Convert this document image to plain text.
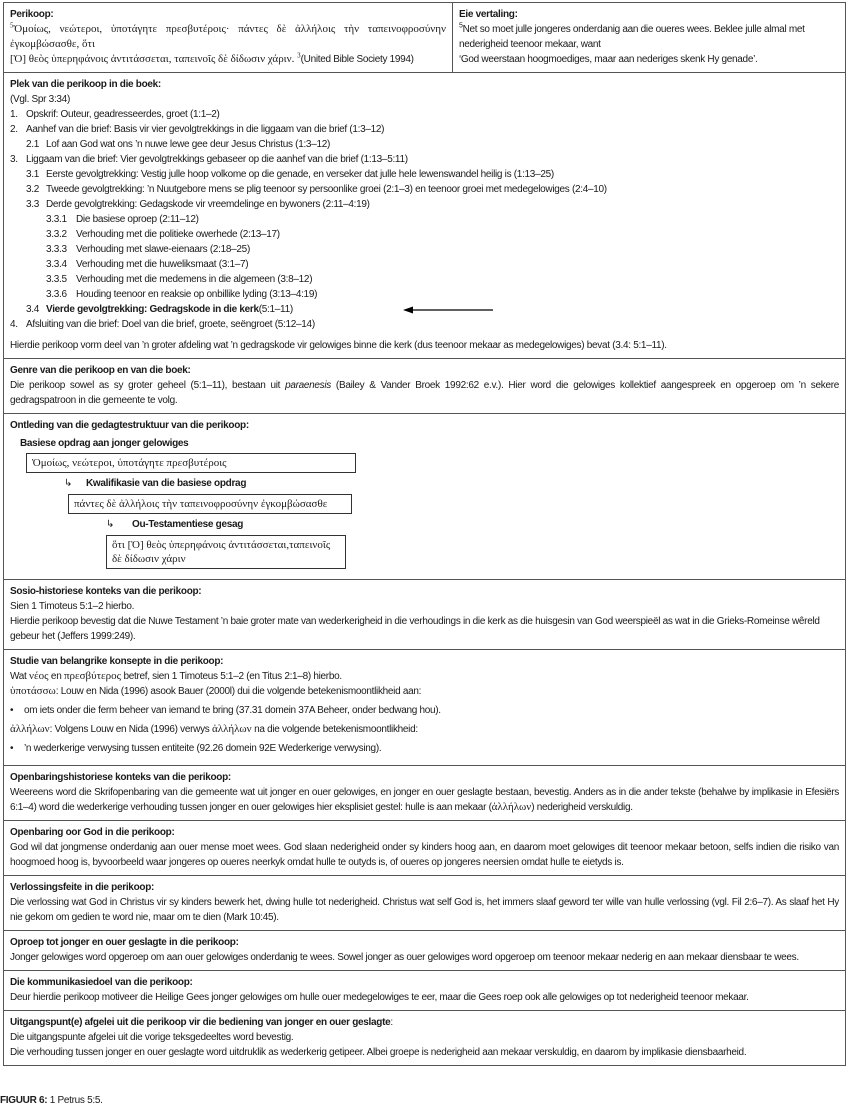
Perikoop:
$^5$Ὁμοίως, νεώτεροι, ὑποτάγητε πρεσβυτέροις· πάντες δὲ ἀλλήλοις τὴν ταπεινοφροσύνην ἐγκομβώσασθε, ὅτι
[Ὁ] θεὸς ὑπερηφάνοις ἀντιτάσσεται, ταπεινοῖς δὲ δίδωσιν χάριν. $^3$(United Bible Society 1994)
Eie vertaling:
$^5$Net so moet julle jongeres onderdanig aan die oueres wees. Beklee julle almal met nederigheid teenoor mekaar, want
‘God weerstaan hoogmoediges, maar aan nederiges skenk Hy genade’.
Plek van die perikoop in die boek:
(Vgl. Spr 3:34)
1. Opskrif: Outeur, geadresseerdes, groet (1:1–2)
2. Aanhef van die brief: Basis vir vier gevolgtrekkings in die liggaam van die brief (1:3–12)
2.1 Lof aan God wat ons ’n nuwe lewe gee deur Jesus Christus (1:3–12)
3. Liggaam van die brief: Vier gevolgtrekkings gebaseer op die aanhef van die brief (1:13–5:11)
3.1 Eerste gevolgtrekking: Vestig julle hoop volkome op die genade, en verseker dat julle hele lewenswandel heilig is (1:13–25)
3.2 Tweede gevolgtrekking: ’n Nuutgebore mens se plig teenoor sy persoonlike groei (2:1–3) en teenoor groei met medegelowiges (2:4–10)
3.3 Derde gevolgtrekking: Gedagskode vir vreemdelinge en bywoners (2:11–4:19)
3.3.1 Die basiese oproep (2:11–12)
3.3.2 Verhouding met die politieke owerhede (2:13–17)
3.3.3 Verhouding met slawe-eienaars (2:18–25)
3.3.4 Verhouding met die huweliksmaat (3:1–7)
3.3.5 Verhouding met die medemens in die algemeen (3:8–12)
3.3.6 Houding teenoor en reaksie op onbillike lyding (3:13–4:19)
3.4 Vierde gevolgtrekking: Gedragskode in die kerk (5:1–11)
4. Afsluiting van die brief: Doel van die brief, groete, seëngroet (5:12–14)
Hierdie perikoop vorm deel van ’n groter afdeling wat ’n gedragskode vir gelowiges binne die kerk (dus teenoor mekaar as medegelowiges) bevat (3.4: 5:1–11).
Genre van die perikoop en van die boek:
Die perikoop sowel as sy groter geheel (5:1–11), bestaan uit paraenesis (Bailey & Vander Broek 1992:62 e.v.). Hier word die gelowiges kollektief aangespreek en opgeroep om ’n sekere gedragspatroon in die gemeente te volg.
Ontleding van die gedagtestruktuur van die perikoop:
Basiese opdrag aan jonger gelowiges
Ὁμοίως, νεώτεροι, ὑποτάγητε πρεσβυτέροις
↳	Kwalifikasie van die basiese opdrag
πάντες δὲ ἀλλήλοις τὴν ταπεινοφροσύνην ἐγκομβώσασθε
↳	Ou-Testamentiese gesag
ὅτι [Ὁ] θεὸς ὑπερηφάνοις ἀντιτάσσεται,ταπεινοῖς δὲ δίδωσιν χάριν
Sosio-historiese konteks van die perikoop:
Sien 1 Timoteus 5:1–2 hierbo.
Hierdie perikoop bevestig dat die Nuwe Testament ’n baie groter mate van wederkerigheid in die verhoudings in die kerk as die huisgesin van God weerspieël as wat in die Grieks-Romeinse wêreld gebeur het (Jeffers 1999:249).
Studie van belangrike konsepte in die perikoop:
Wat νέος en πρεσβύτερος betref, sien 1 Timoteus 5:1–2 (en Titus 2:1–8) hierbo.
ὑποτάσσω: Louw en Nida (1996) asook Bauer (2000l) dui die volgende betekenismoontlikheid aan:
•	om iets onder die ferm beheer van iemand te bring (37.31 domein 37A Beheer, onder bedwang hou).
ἀλλήλων: Volgens Louw en Nida (1996) verwys ἀλλήλων na die volgende betekenismoontlikheid:
•	’n wederkerige verwysing tussen entiteite (92.26 domein 92E Wederkerige verwysing).
Openbaringshistoriese konteks van die perikoop:
Weereens word die Skrifopenbaring van die gemeente wat uit jonger en ouer gelowiges, en jonger en ouer geslagte bestaan, bevestig. Anders as in die ander tekste (behalwe by implikasie in Efesiërs 6:1–4) word die wederkerige verhouding tussen jonger en ouer gelowiges hier eksplisiet gestel: hulle is aan mekaar (ἀλλήλων) nederigheid verskuldig.
Openbaring oor God in die perikoop:
God wil dat jongmense onderdanig aan ouer mense moet wees. God slaan nederigheid onder sy kinders hoog aan, en daarom moet gelowiges dit teenoor mekaar betoon, selfs indien die risiko van hoogmoed hoog is, byvoorbeeld waar jongeres op oueres neerkyk omdat hulle te outyds is, of oueres op jongeres neersien omdat hulle te eietyds is.
Verlossingsfeite in die perikoop:
Die verlossing wat God in Christus vir sy kinders bewerk het, dwing hulle tot nederigheid. Christus wat self God is, het immers slaaf geword ter wille van hulle verlossing (vgl. Fil 2:6–7). As slaaf het Hy nie gekom om gedien te word nie, maar om te dien (Mark 10:45).
Oproep tot jonger en ouer geslagte in die perikoop:
Jonger gelowiges word opgeroep om aan ouer gelowiges onderdanig te wees. Sowel jonger as ouer gelowiges word opgeroep om teenoor mekaar nederig en aan mekaar diensbaar te wees.
Die kommunikasiedoel van die perikoop:
Deur hierdie perikoop motiveer die Heilige Gees jonger gelowiges om hulle ouer medegelowiges te eer, maar die Gees roep ook alle gelowiges op tot nederigheid teenoor mekaar.
Uitgangspunt(e) afgelei uit die perikoop vir die bediening van jonger en ouer geslagte:
Die uitgangspunte afgelei uit die vorige teksgedeeltes word bevestig.
Die verhouding tussen jonger en ouer geslagte word uitdruklik as wederkerig getipeer. Albei groepe is nederigheid aan mekaar verskuldig, en daarom by implikasie diensbaarheid.
FIGUUR 6: 1 Petrus 5:5.
